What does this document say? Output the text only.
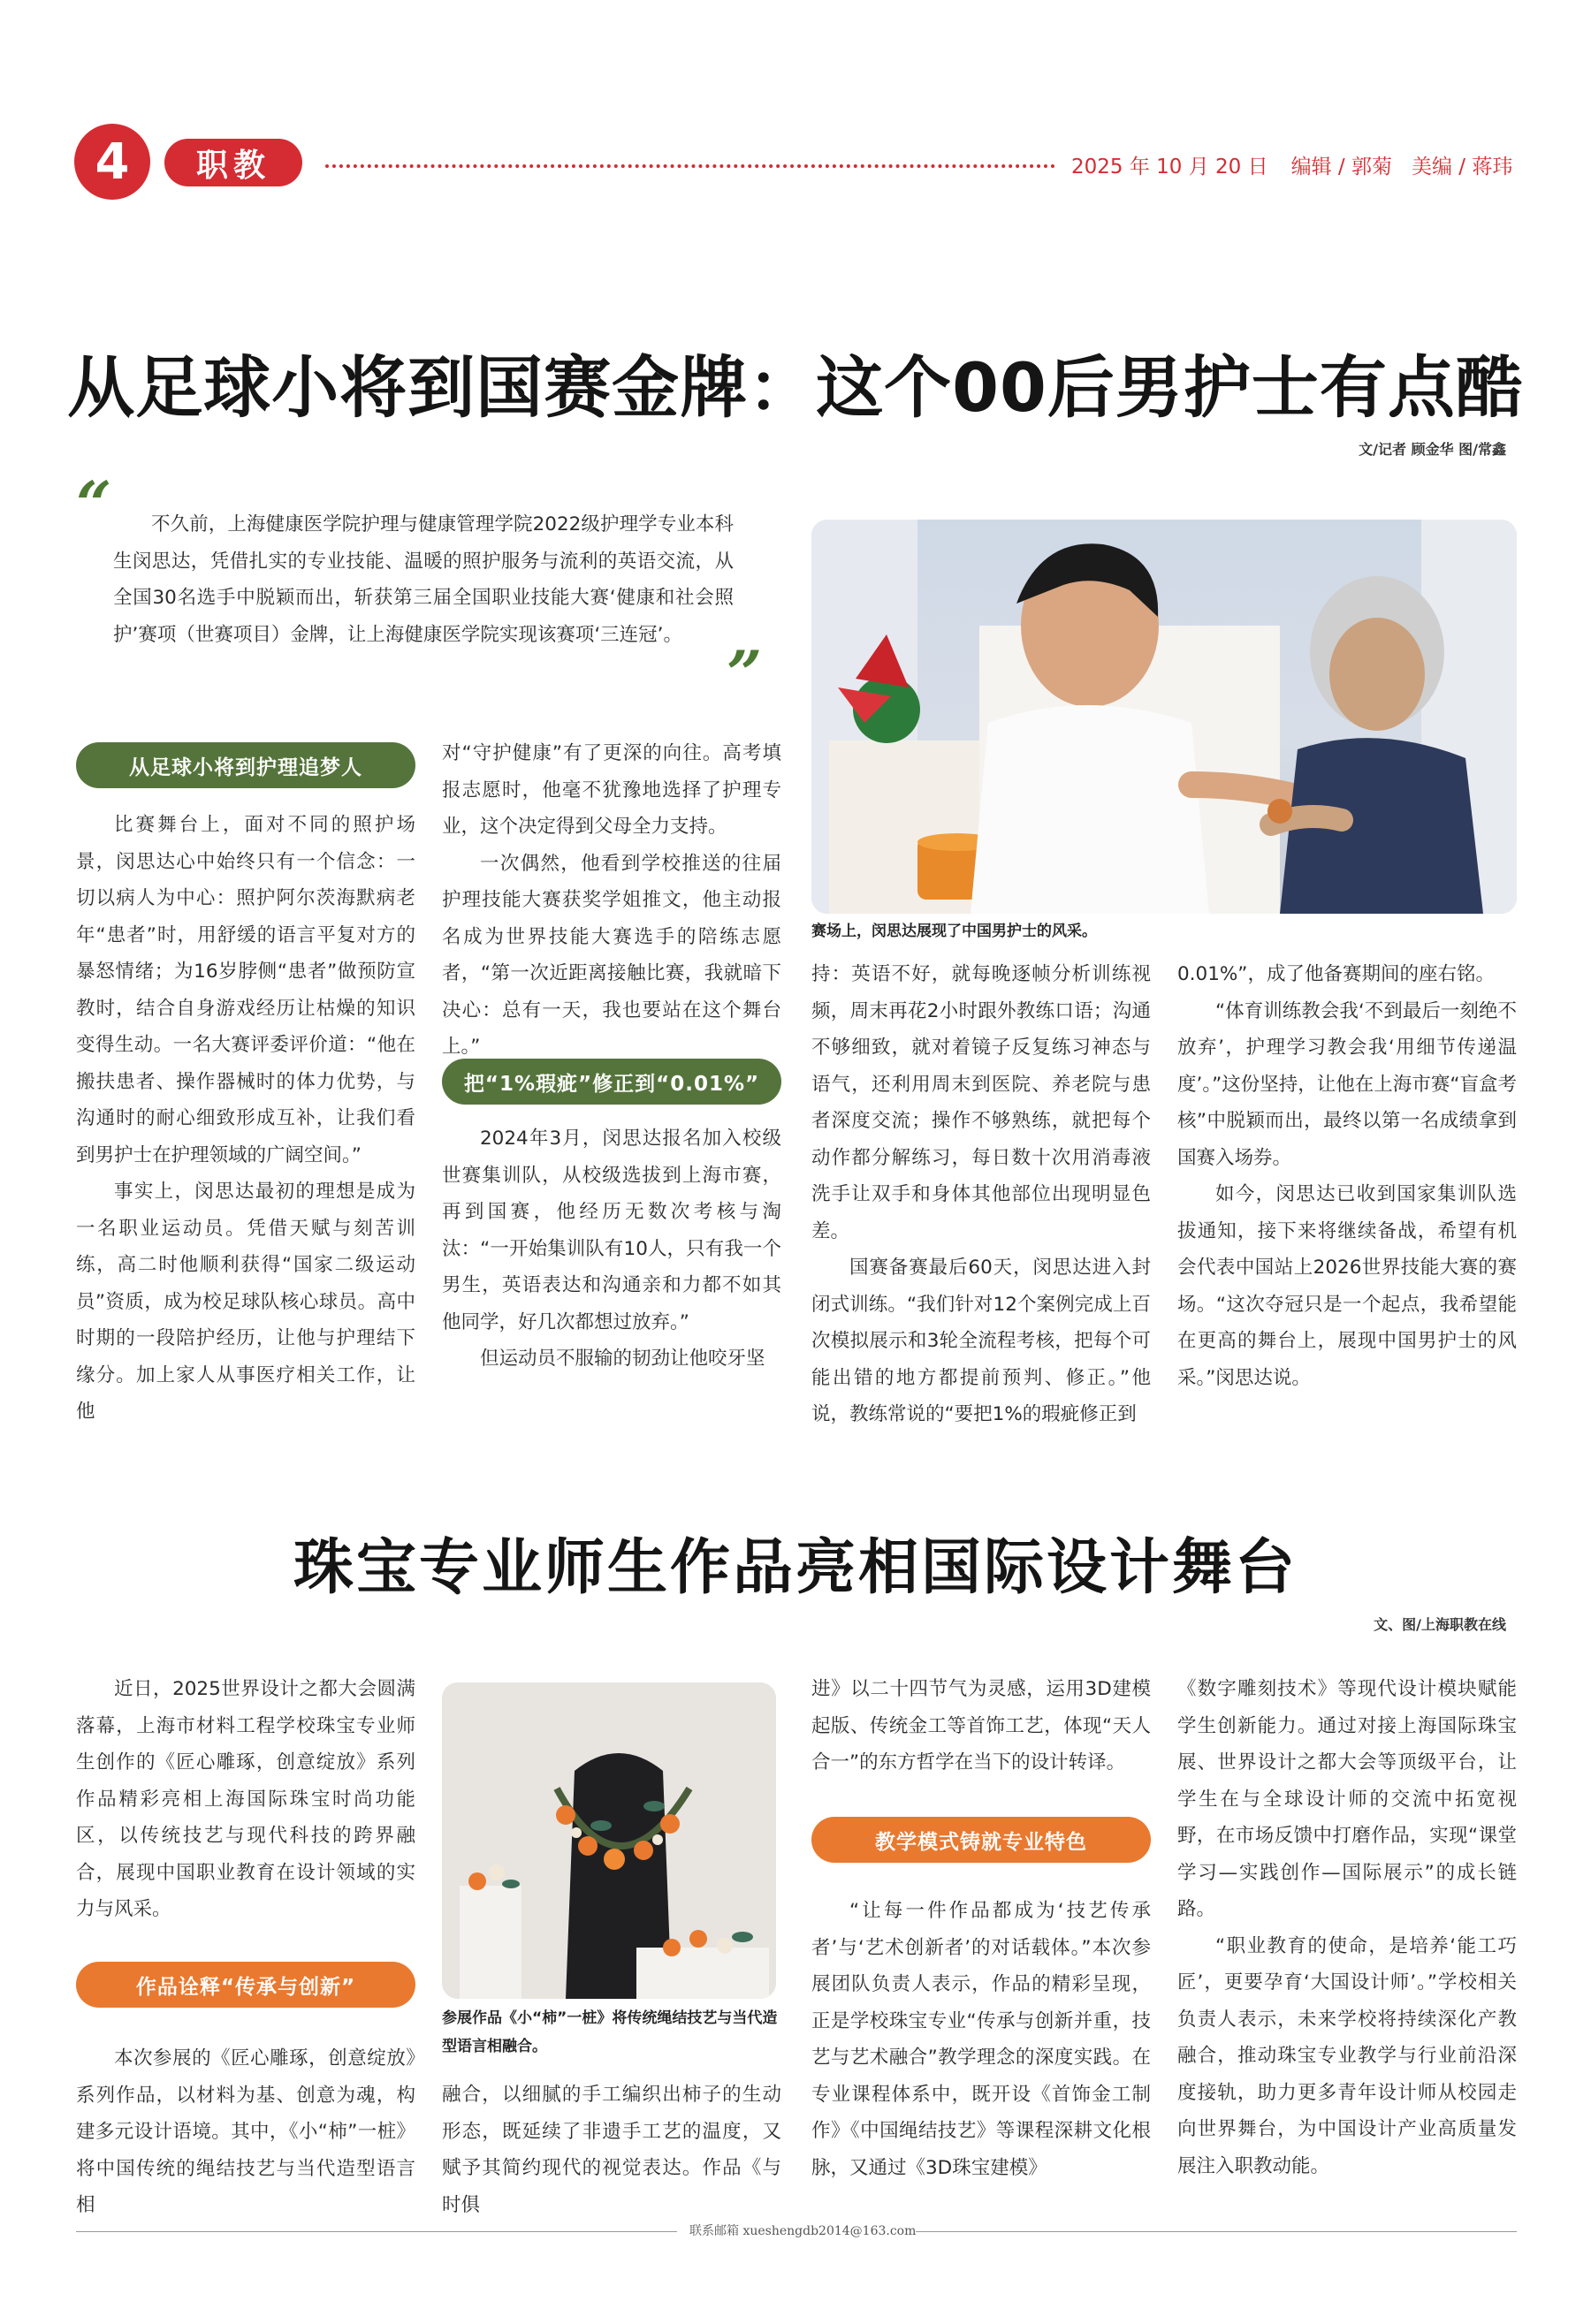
4 职教	2025 年 10 月 20 日 编辑 / 郭菊 美编 / 蒋玮
从足球小将到国赛金牌：这个00后男护士有点酷
文/记者 顾金华 图/常鑫
“	不久前，上海健康医学院护理与健康管理学院2022级护理学专业本科生闵思达，凭借扎实的专业技能、温暖的照护服务与流利的英语交流，从全国30名选手中脱颖而出，斩获第三届全国职业技能大赛‘健康和社会照护’赛项（世赛项目）金牌，让上海健康医学院实现该赛项‘三连冠’。
”
赛场上，闵思达展现了中国男护士的风采。
从足球小将到护理追梦人

比赛舞台上，面对不同的照护场景，闵思达心中始终只有一个信念：一切以病人为中心：照护阿尔茨海默病老年“患者”时，用舒缓的语言平复对方的暴怒情绪；为16岁脖侧“患者”做预防宣教时，结合自身游戏经历让枯燥的知识变得生动。一名大赛评委评价道：“他在搬扶患者、操作器械时的体力优势，与沟通时的耐心细致形成互补，让我们看到男护士在护理领域的广阔空间。”

事实上，闵思达最初的理想是成为一名职业运动员。凭借天赋与刻苦训练，高二时他顺利获得“国家二级运动员”资质，成为校足球队核心球员。高中时期的一段陪护经历，让他与护理结下缘分。加上家人从事医疗相关工作，让他

对“守护健康”有了更深的向往。高考填报志愿时，他毫不犹豫地选择了护理专业，这个决定得到父母全力支持。

一次偶然，他看到学校推送的往届护理技能大赛获奖学姐推文，他主动报名成为世界技能大赛选手的陪练志愿者，“第一次近距离接触比赛，我就暗下决心：总有一天，我也要站在这个舞台上。”

把“1%瑕疵”修正到“0.01%”

2024年3月，闵思达报名加入校级世赛集训队，从校级选拔到上海市赛，再到国赛，他经历无数次考核与淘汰：“一开始集训队有10人，只有我一个男生，英语表达和沟通亲和力都不如其他同学，好几次都想过放弃。”

但运动员不服输的韧劲让他咬牙坚

持：英语不好，就每晚逐帧分析训练视频，周末再花2小时跟外教练口语；沟通不够细致，就对着镜子反复练习神态与语气，还利用周末到医院、养老院与患者深度交流；操作不够熟练，就把每个动作都分解练习，每日数十次用消毒液洗手让双手和身体其他部位出现明显色差。

国赛备赛最后60天，闵思达进入封闭式训练。“我们针对12个案例完成上百次模拟展示和3轮全流程考核，把每个可能出错的地方都提前预判、修正。”他说，教练常说的“要把1%的瑕疵修正到

0.01%”，成了他备赛期间的座右铭。

“体育训练教会我‘不到最后一刻绝不放弃’，护理学习教会我‘用细节传递温度’。”这份坚持，让他在上海市赛“盲盒考核”中脱颖而出，最终以第一名成绩拿到国赛入场券。

如今，闵思达已收到国家集训队选拔通知，接下来将继续备战，希望有机会代表中国站上2026世界技能大赛的赛场。“这次夺冠只是一个起点，我希望能在更高的舞台上，展现中国男护士的风采。”闵思达说。

珠宝专业师生作品亮相国际设计舞台
文、图/上海职教在线

近日，2025世界设计之都大会圆满落幕，上海市材料工程学校珠宝专业师生创作的《匠心雕琢，创意绽放》系列作品精彩亮相上海国际珠宝时尚功能区，以传统技艺与现代科技的跨界融合，展现中国职业教育在设计领域的实力与风采。

作品诠释“传承与创新”

本次参展的《匠心雕琢，创意绽放》系列作品，以材料为基、创意为魂，构建多元设计语境。其中，《小“柿”一桩》将中国传统的绳结技艺与当代造型语言相

参展作品《小“柿”一桩》将传统绳结技艺与当代造型语言相融合。

融合，以细腻的手工编织出柿子的生动形态，既延续了非遗手工艺的温度，又赋予其简约现代的视觉表达。作品《与时俱

进》以二十四节气为灵感，运用3D建模起版、传统金工等首饰工艺，体现“天人合一”的东方哲学在当下的设计转译。

教学模式铸就专业特色

“让每一件作品都成为‘技艺传承者’与‘艺术创新者’的对话载体。”本次参展团队负责人表示，作品的精彩呈现，正是学校珠宝专业“传承与创新并重，技艺与艺术融合”教学理念的深度实践。在专业课程体系中，既开设《首饰金工制作》《中国绳结技艺》等课程深耕文化根脉，又通过《3D珠宝建模》

《数字雕刻技术》等现代设计模块赋能学生创新能力。通过对接上海国际珠宝展、世界设计之都大会等顶级平台，让学生在与全球设计师的交流中拓宽视野，在市场反馈中打磨作品，实现“课堂学习—实践创作—国际展示”的成长链路。

“职业教育的使命，是培养‘能工巧匠’，更要孕育‘大国设计师’。”学校相关负责人表示，未来学校将持续深化产教融合，推动珠宝专业教学与行业前沿深度接轨，助力更多青年设计师从校园走向世界舞台，为中国设计产业高质量发展注入职教动能。

联系邮箱 xueshengdb2014@163.com
